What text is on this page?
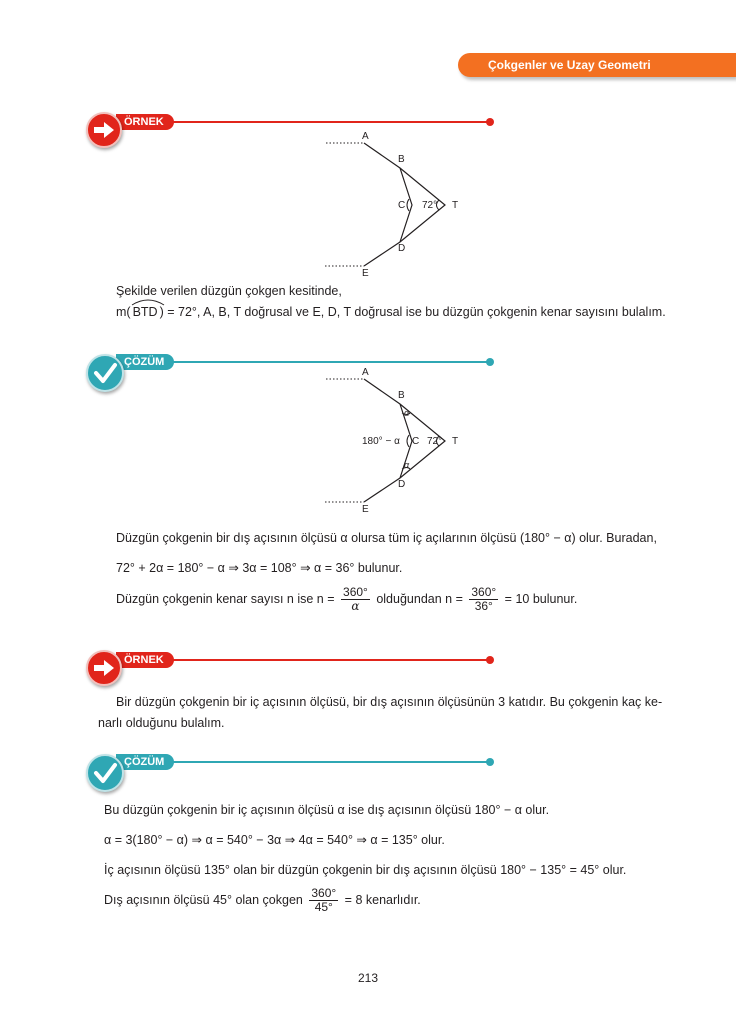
Çokgenler ve Uzay Geometri
ÖRNEK
A
B
C 72° T
D
E
Şekilde verilen düzgün çokgen kesitinde,
m( BTD ) = 72°, A, B, T doğrusal ve E, D, T doğrusal ise bu düzgün çokgenin kenar sayısını bulalım.
ÇÖZÜM
A
B
α
180° − α C 72° T
α
D
E
Düzgün çokgenin bir dış açısının ölçüsü α olursa tüm iç açılarının ölçüsü (180° − α) olur. Buradan,
72° + 2α = 180° − α ⇒ 3α = 108° ⇒ α = 36° bulunur.
Düzgün çokgenin kenar sayısı n ise $n = \frac{360^\circ}{\alpha}$ olduğundan $n = \frac{360^\circ}{36^\circ} = 10$ bulunur.
ÖRNEK
Bir düzgün çokgenin bir iç açısının ölçüsü, bir dış açısının ölçüsünün 3 katıdır. Bu çokgenin kaç ke-
narlı olduğunu bulalım.
ÇÖZÜM
Bu düzgün çokgenin bir iç açısının ölçüsü α ise dış açısının ölçüsü 180° − α olur.
α = 3(180° − α) ⇒ α = 540° − 3α ⇒ 4α = 540° ⇒ α = 135° olur.
İç açısının ölçüsü 135° olan bir düzgün çokgenin bir dış açısının ölçüsü 180° − 135° = 45° olur.
Dış açısının ölçüsü 45° olan çokgen $\frac{360^\circ}{45^\circ} = 8$ kenarlıdır.
213
